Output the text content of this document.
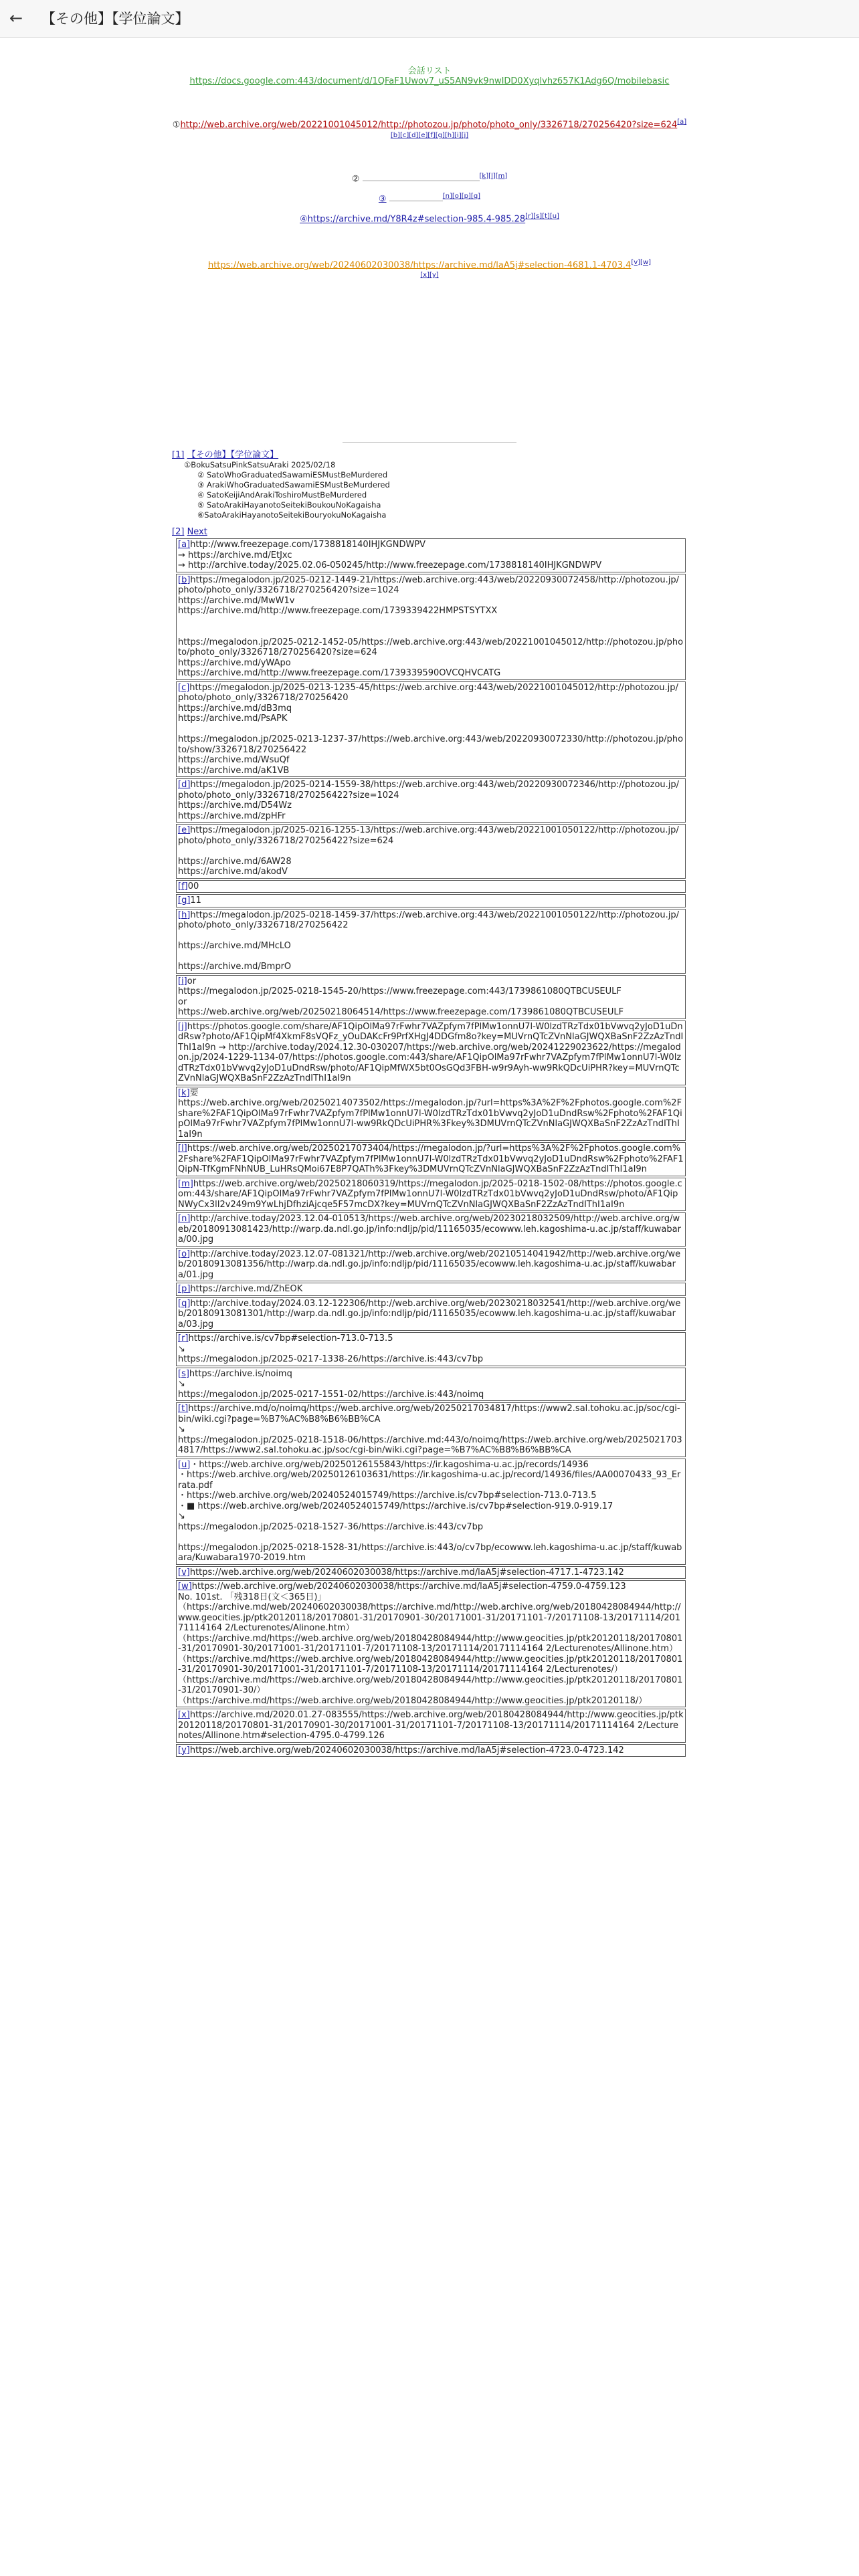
← 【その他】【学位論文】
会話リスト
https://docs.google.com:443/document/d/1QFaF1Uwov7_uS5AN9vk9nwIDD0Xyqlvhz657K1Adg6Q/mobilebasic
①http://web.archive.org/web/20221001045012/http://photozou.jp/photo/photo_only/3326718/270256420?size=624[a][b][c][d][e][f][g][h][i][j]
②	[k][l][m]
③	[n][o][p][q]
④https://archive.md/Y8R4z#selection-985.4-985.28[r][s][t][u]
https://web.archive.org/web/20240602030038/https://archive.md/laA5j#selection-4681.1-4703.4[v][w]
[x][y]
[1] 【その他】【学位論文】
①BokuSatsuPinkSatsuAraki 2025/02/18
② SatoWhoGraduatedSawamiESMustBeMurdered
③ ArakiWhoGraduatedSawamiESMustBeMurdered
④ SatoKeijiAndArakiToshiroMustBeMurdered
⑤ SatoArakiHayanotoSeitekiBoukouNoKagaisha
⑥SatoArakiHayanotoSeitekiBouryokuNoKagaisha
[2] Next
[a]http://www.freezepage.com/1738818140IHJKGNDWPV
→ https://archive.md/EtJxc
→ http://archive.today/2025.02.06-050245/http://www.freezepage.com/1738818140IHJKGNDWPV
[b]https://megalodon.jp/2025-0212-1449-21/https://web.archive.org:443/web/20220930072458/http://photozou.jp/photo/photo_only/3326718/270256420?size=1024
https://archive.md/MwW1v
https://archive.md/http://www.freezepage.com/1739339422HMPSTSYTXX

https://megalodon.jp/2025-0212-1452-05/https://web.archive.org:443/web/20221001045012/http://photozou.jp/photo/photo_only/3326718/270256420?size=624
https://archive.md/yWApo
https://archive.md/http://www.freezepage.com/1739339590OVCQHVCATG
[c]https://megalodon.jp/2025-0213-1235-45/https://web.archive.org:443/web/20221001045012/http://photozou.jp/photo/photo_only/3326718/270256420
https://archive.md/dB3mq
https://archive.md/PsAPK

https://megalodon.jp/2025-0213-1237-37/https://web.archive.org:443/web/20220930072330/http://photozou.jp/photo/show/3326718/270256422
https://archive.md/WsuQf
https://archive.md/aK1VB
[d]https://megalodon.jp/2025-0214-1559-38/https://web.archive.org:443/web/20220930072346/http://photozou.jp/photo/photo_only/3326718/270256422?size=1024
https://archive.md/D54Wz
https://archive.md/zpHFr
[e]https://megalodon.jp/2025-0216-1255-13/https://web.archive.org:443/web/20221001050122/http://photozou.jp/photo/photo_only/3326718/270256422?size=624

https://archive.md/6AW28
https://archive.md/akodV
[f]00
[g]11
[h]https://megalodon.jp/2025-0218-1459-37/https://web.archive.org:443/web/20221001050122/http://photozou.jp/photo/photo_only/3326718/270256422

https://archive.md/MHcLO

https://archive.md/BmprO
[i]or
https://megalodon.jp/2025-0218-1545-20/https://www.freezepage.com:443/1739861080QTBCUSEULF
or
https://web.archive.org/web/20250218064514/https://www.freezepage.com/1739861080QTBCUSEULF
[j]https://photos.google.com/share/AF1QipOlMa97rFwhr7VAZpfym7fPlMw1onnU7l-W0lzdTRzTdx01bVwvq2yJoD1uDndRsw?photo/AF1QipMf4XkmF8sVQFz_yOuDAKcFr9PrfXHgJ4DDGfm8o?key=MUVrnQTcZVnNlaGJWQXBaSnF2ZzAzTndIThI1aI9n → http://archive.today/2024.12.30-030207/https://web.archive.org/web/20241229023622/https://megalodon.jp/2024-1229-1134-07/https://photos.google.com:443/share/AF1QipOlMa97rFwhr7VAZpfym7fPlMw1onnU7l-W0lzdTRzTdx01bVwvq2yJoD1uDndRsw/photo/AF1QipMfWX5bt0OsGQd3FBH-w9r9Ayh-ww9RkQDcUiPHR?key=MUVrnQTcZVnNlaGJWQXBaSnF2ZzAzTndIThI1aI9n
[k]要
https://web.archive.org/web/20250214073502/https://megalodon.jp/?url=https%3A%2F%2Fphotos.google.com%2Fshare%2FAF1QipOlMa97rFwhr7VAZpfym7fPlMw1onnU7l-W0lzdTRzTdx01bVwvq2yJoD1uDndRsw%2Fphoto%2FAF1QipOlMa97rFwhr7VAZpfym7fPlMw1onnU7l-ww9RkQDcUiPHR%3Fkey%3DMUVrnQTcZVnNlaGJWQXBaSnF2ZzAzTndIThI1aI9n
[l]https://web.archive.org/web/20250217073404/https://megalodon.jp/?url=https%3A%2F%2Fphotos.google.com%2Fshare%2FAF1QipOlMa97rFwhr7VAZpfym7fPlMw1onnU7l-W0lzdTRzTdx01bVwvq2yJoD1uDndRsw%2Fphoto%2FAF1QipN-TfKgmFNhNUB_LuHRsQMoi67E8P7QATh%3Fkey%3DMUVrnQTcZVnNlaGJWQXBaSnF2ZzAzTndIThI1aI9n
[m]https://web.archive.org/web/20250218060319/https://megalodon.jp/2025-0218-1502-08/https://photos.google.com:443/share/AF1QipOlMa97rFwhr7VAZpfym7fPlMw1onnU7l-W0lzdTRzTdx01bVwvq2yJoD1uDndRsw/photo/AF1QipNWyCx3lI2v249m9YwLhjDfhziAjcqe5F57mcDX?key=MUVrnQTcZVnNlaGJWQXBaSnF2ZzAzTndIThI1aI9n
[n]http://archive.today/2023.12.04-010513/https://web.archive.org/web/20230218032509/http://web.archive.org/web/20180913081423/http://warp.da.ndl.go.jp/info:ndljp/pid/11165035/ecowww.leh.kagoshima-u.ac.jp/staff/kuwabara/00.jpg
[o]http://archive.today/2023.12.07-081321/http://web.archive.org/web/20210514041942/http://web.archive.org/web/20180913081356/http://warp.da.ndl.go.jp/info:ndljp/pid/11165035/ecowww.leh.kagoshima-u.ac.jp/staff/kuwabara/01.jpg
[p]https://archive.md/ZhEOK
[q]http://archive.today/2024.03.12-122306/http://web.archive.org/web/20230218032541/http://web.archive.org/web/20180913081301/http://warp.da.ndl.go.jp/info:ndljp/pid/11165035/ecowww.leh.kagoshima-u.ac.jp/staff/kuwabara/03.jpg
[r]https://archive.is/cv7bp#selection-713.0-713.5
↘
https://megalodon.jp/2025-0217-1338-26/https://archive.is:443/cv7bp
[s]https://archive.is/noimq
↘
https://megalodon.jp/2025-0217-1551-02/https://archive.is:443/noimq
[t]https://archive.md/o/noimq/https://web.archive.org/web/20250217034817/https://www2.sal.tohoku.ac.jp/soc/cgi-bin/wiki.cgi?page=%B7%AC%B8%B6%BB%CA
↘
https://megalodon.jp/2025-0218-1518-06/https://archive.md:443/o/noimq/https://web.archive.org/web/20250217034817/https://www2.sal.tohoku.ac.jp/soc/cgi-bin/wiki.cgi?page=%B7%AC%B8%B6%BB%CA
[u]・https://web.archive.org/web/20250126155843/https://ir.kagoshima-u.ac.jp/records/14936
・https://web.archive.org/web/20250126103631/https://ir.kagoshima-u.ac.jp/record/14936/files/AA00070433_93_Errata.pdf
・https://web.archive.org/web/20240524015749/https://archive.is/cv7bp#selection-713.0-713.5
・■ https://web.archive.org/web/20240524015749/https://archive.is/cv7bp#selection-919.0-919.17
↘
https://megalodon.jp/2025-0218-1527-36/https://archive.is:443/cv7bp

https://megalodon.jp/2025-0218-1528-31/https://archive.is:443/o/cv7bp/ecowww.leh.kagoshima-u.ac.jp/staff/kuwabara/Kuwabara1970-2019.htm
[v]https://web.archive.org/web/20240602030038/https://archive.md/laA5j#selection-4717.1-4723.142
[w]https://web.archive.org/web/20240602030038/https://archive.md/laA5j#selection-4759.0-4759.123
No. 101st. 「残318日(文＜365日)」
（https://archive.md/web/20240602030038/https://archive.md/http://web.archive.org/web/20180428084944/http://www.geocities.jp/ptk20120118/20170801-31/20170901-30/20171001-31/20171101-7/20171108-13/20171114/20171114164 2/Lecturenotes/Alinone.htm）
（https://archive.md/https://web.archive.org/web/20180428084944/http://www.geocities.jp/ptk20120118/20170801-31/20170901-30/20171001-31/20171101-7/20171108-13/20171114/20171114164 2/Lecturenotes/Allinone.htm）
（https://archive.md/https://web.archive.org/web/20180428084944/http://www.geocities.jp/ptk20120118/20170801-31/20170901-30/20171001-31/20171101-7/20171108-13/20171114/20171114164 2/Lecturenotes/）
（https://archive.md/https://web.archive.org/web/20180428084944/http://www.geocities.jp/ptk20120118/20170801-31/20170901-30/）
（https://archive.md/https://web.archive.org/web/20180428084944/http://www.geocities.jp/ptk20120118/）
[x]https://archive.md/2020.01.27-083555/https://web.archive.org/web/20180428084944/http://www.geocities.jp/ptk20120118/20170801-31/20170901-30/20171001-31/20171101-7/20171108-13/20171114/20171114164 2/Lecturenotes/Allinone.htm#selection-4795.0-4799.126
[y]https://web.archive.org/web/20240602030038/https://archive.md/laA5j#selection-4723.0-4723.142
